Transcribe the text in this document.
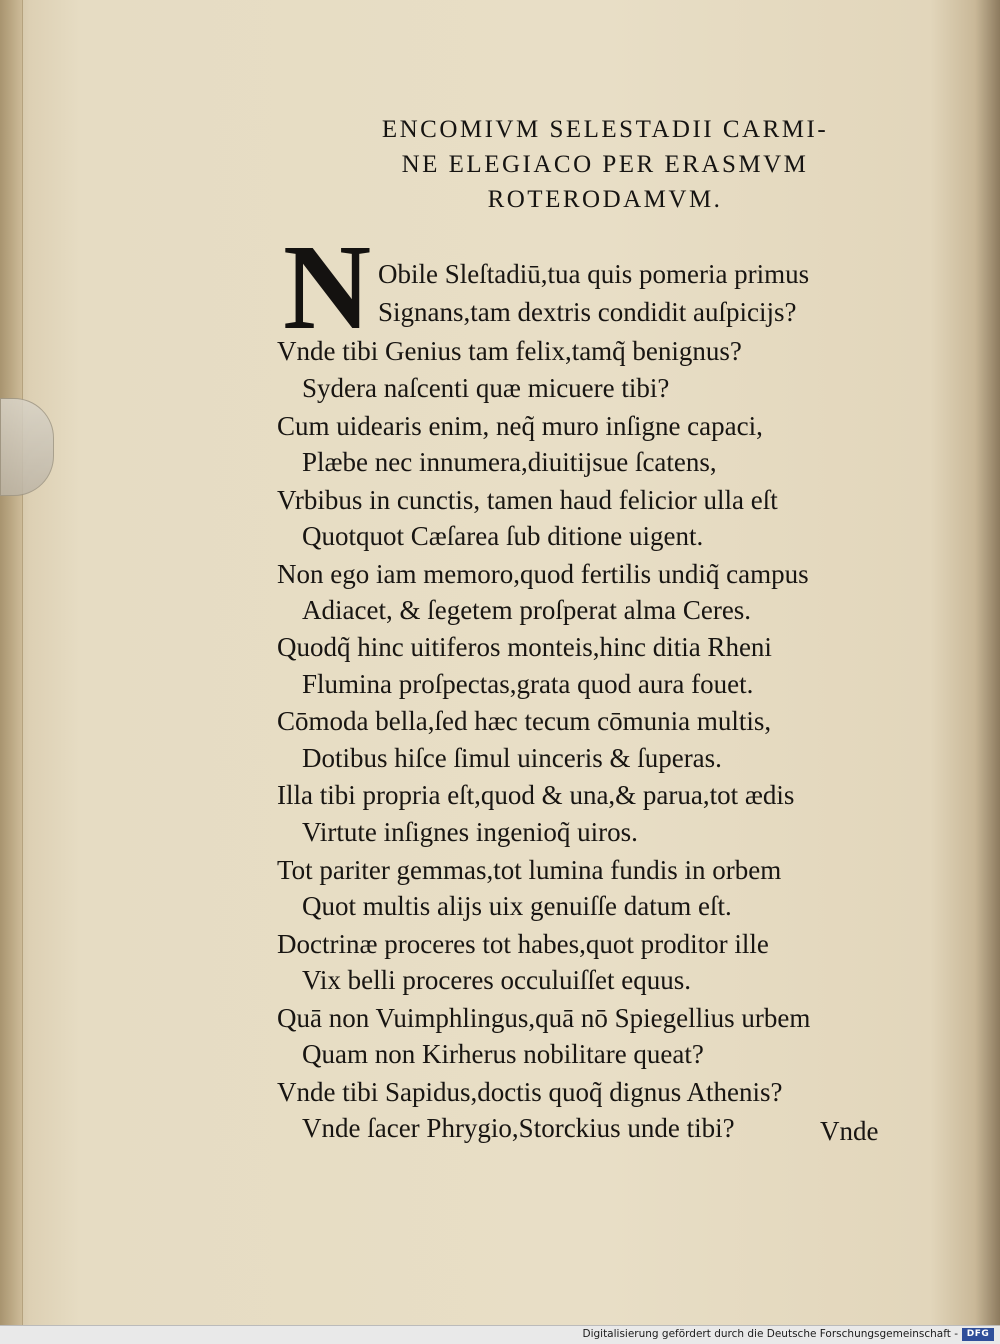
ENCOMIVM SELESTADII CARMI-
NE ELEGIACO PER ERASMVM
ROTERODAMVM.
N Obile Sleſtadiū,tua quis pomeria primus
Signans,tam dextris condidit auſpicijs?
Vnde tibi Genius tam felix,tamq̃ benignus?
Sydera naſcenti quæ micuere tibi?
Cum uidearis enim, neq̃ muro inſigne capaci,
Plæbe nec innumera,diuitijsue ſcatens,
Vrbibus in cunctis, tamen haud felicior ulla eſt
Quotquot Cæſarea ſub ditione uigent.
Non ego iam memoro,quod fertilis undiq̃ campus
Adiacet, & ſegetem proſperat alma Ceres.
Quodq̃ hinc uitiferos monteis,hinc ditia Rheni
Flumina proſpectas,grata quod aura fouet.
Cōmoda bella,ſed hæc tecum cōmunia multis,
Dotibus hiſce ſimul uinceris & ſuperas.
Illa tibi propria eſt,quod & una,& parua,tot ædis
Virtute inſignes ingenioq̃ uiros.
Tot pariter gemmas,tot lumina fundis in orbem
Quot multis alijs uix genuiſſe datum eſt.
Doctrinæ proceres tot habes,quot proditor ille
Vix belli proceres occuluiſſet equus.
Quā non Vuimphlingus,quā nō Spiegellius urbem
Quam non Kirherus nobilitare queat?
Vnde tibi Sapidus,doctis quoq̃ dignus Athenis?
Vnde ſacer Phrygio,Storckius unde tibi?	Vnde
Digitalisierung gefördert durch die Deutsche Forschungsgemeinschaft - DFG
